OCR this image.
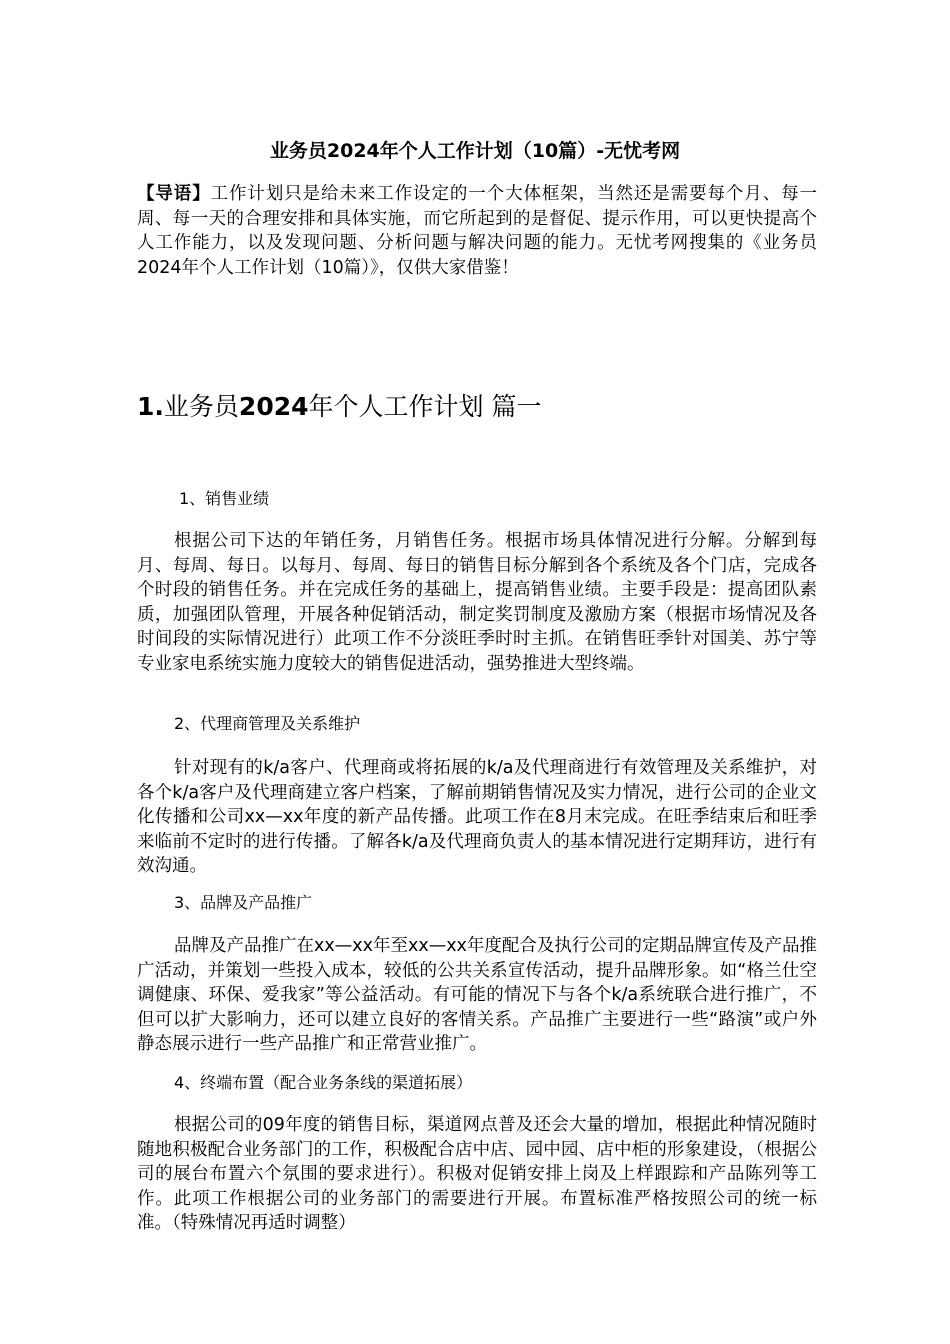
业务员2024年个人工作计划（10篇）-无忧考网
【导语】工作计划只是给未来工作设定的一个大体框架，当然还是需要每个月、每一周、每一天的合理安排和具体实施，而它所起到的是督促、提示作用，可以更快提高个人工作能力，以及发现问题、分析问题与解决问题的能力。无忧考网搜集的《业务员2024年个人工作计划（10篇）》，仅供大家借鉴！
1.业务员2024年个人工作计划 篇一
1、销售业绩
根据公司下达的年销任务，月销售任务。根据市场具体情况进行分解。分解到每月、每周、每日。以每月、每周、每日的销售目标分解到各个系统及各个门店，完成各个时段的销售任务。并在完成任务的基础上，提高销售业绩。主要手段是：提高团队素质，加强团队管理，开展各种促销活动，制定奖罚制度及激励方案（根据市场情况及各时间段的实际情况进行）此项工作不分淡旺季时时主抓。在销售旺季针对国美、苏宁等专业家电系统实施力度较大的销售促进活动，强势推进大型终端。
2、代理商管理及关系维护
针对现有的k/a客户、代理商或将拓展的k/a及代理商进行有效管理及关系维护，对各个k/a客户及代理商建立客户档案，了解前期销售情况及实力情况，进行公司的企业文化传播和公司xx—xx年度的新产品传播。此项工作在8月末完成。在旺季结束后和旺季来临前不定时的进行传播。了解各k/a及代理商负责人的基本情况进行定期拜访，进行有效沟通。
3、品牌及产品推广
品牌及产品推广在xx—xx年至xx—xx年度配合及执行公司的定期品牌宣传及产品推广活动，并策划一些投入成本，较低的公共关系宣传活动，提升品牌形象。如“格兰仕空调健康、环保、爱我家”等公益活动。有可能的情况下与各个k/a系统联合进行推广，不但可以扩大影响力，还可以建立良好的客情关系。产品推广主要进行一些“路演”或户外静态展示进行一些产品推广和正常营业推广。
4、终端布置（配合业务条线的渠道拓展）
根据公司的09年度的销售目标，渠道网点普及还会大量的增加，根据此种情况随时随地积极配合业务部门的工作，积极配合店中店、园中园、店中柜的形象建设，（根据公司的展台布置六个氛围的要求进行）。积极对促销安排上岗及上样跟踪和产品陈列等工作。此项工作根据公司的业务部门的需要进行开展。布置标准严格按照公司的统一标准。（特殊情况再适时调整）
